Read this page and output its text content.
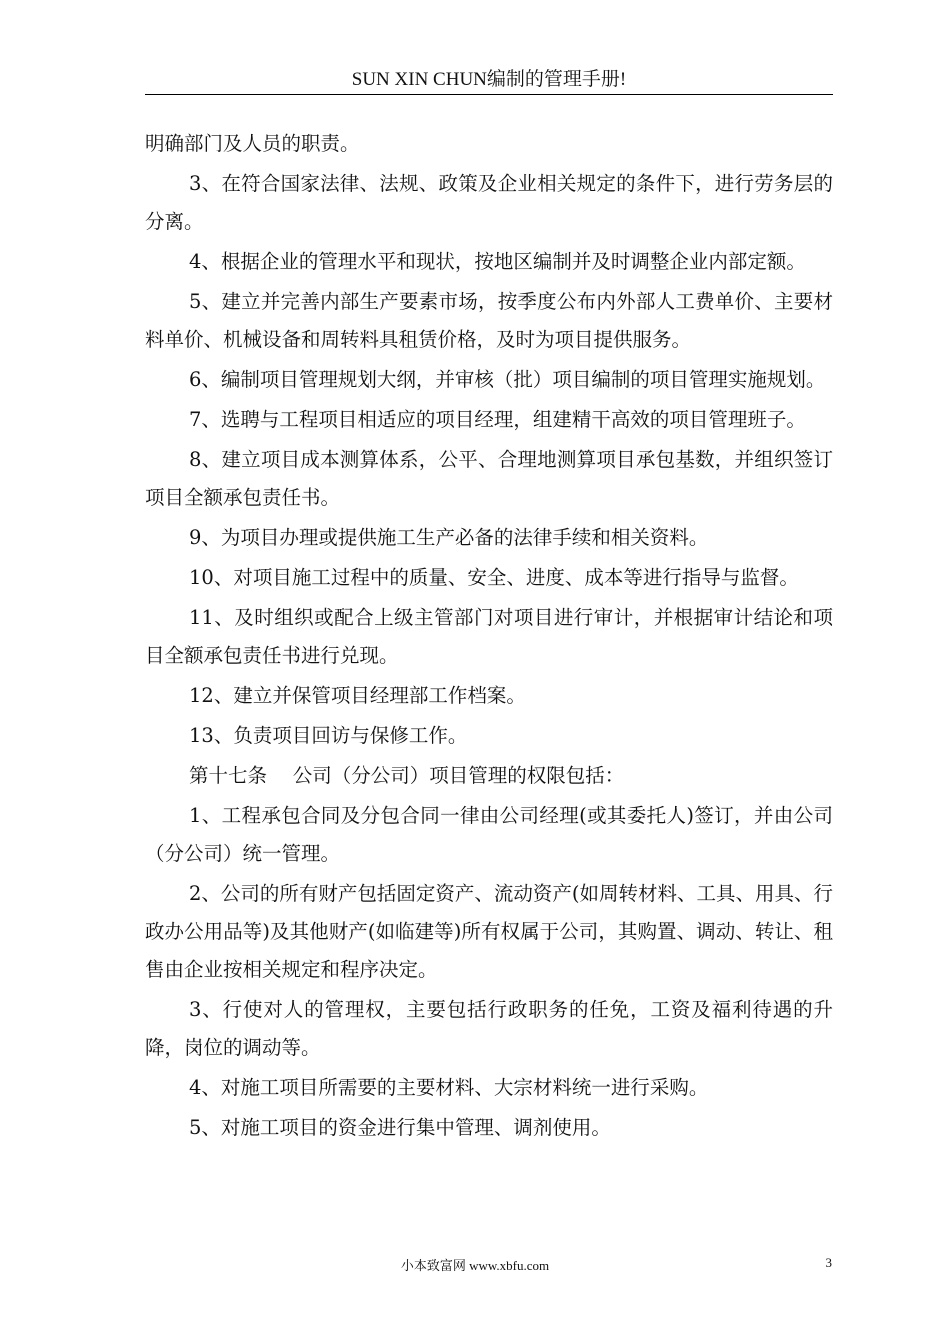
SUN XIN CHUN编制的管理手册!

明确部门及人员的职责。

3、在符合国家法律、法规、政策及企业相关规定的条件下，进行劳务层的分离。

4、根据企业的管理水平和现状，按地区编制并及时调整企业内部定额。

5、建立并完善内部生产要素市场，按季度公布内外部人工费单价、主要材料单价、机械设备和周转料具租赁价格，及时为项目提供服务。

6、编制项目管理规划大纲，并审核（批）项目编制的项目管理实施规划。

7、选聘与工程项目相适应的项目经理，组建精干高效的项目管理班子。

8、建立项目成本测算体系，公平、合理地测算项目承包基数，并组织签订项目全额承包责任书。

9、为项目办理或提供施工生产必备的法律手续和相关资料。

10、对项目施工过程中的质量、安全、进度、成本等进行指导与监督。

11、及时组织或配合上级主管部门对项目进行审计，并根据审计结论和项目全额承包责任书进行兑现。

12、建立并保管项目经理部工作档案。

13、负责项目回访与保修工作。

第十七条　 公司（分公司）项目管理的权限包括：

1、工程承包合同及分包合同一律由公司经理(或其委托人)签订，并由公司（分公司）统一管理。

2、公司的所有财产包括固定资产、流动资产(如周转材料、工具、用具、行政办公用品等)及其他财产(如临建等)所有权属于公司，其购置、调动、转让、租售由企业按相关规定和程序决定。

3、行使对人的管理权，主要包括行政职务的任免，工资及福利待遇的升降，岗位的调动等。

4、对施工项目所需要的主要材料、大宗材料统一进行采购。

5、对施工项目的资金进行集中管理、调剂使用。

小本致富网 www.xbfu.com	3
